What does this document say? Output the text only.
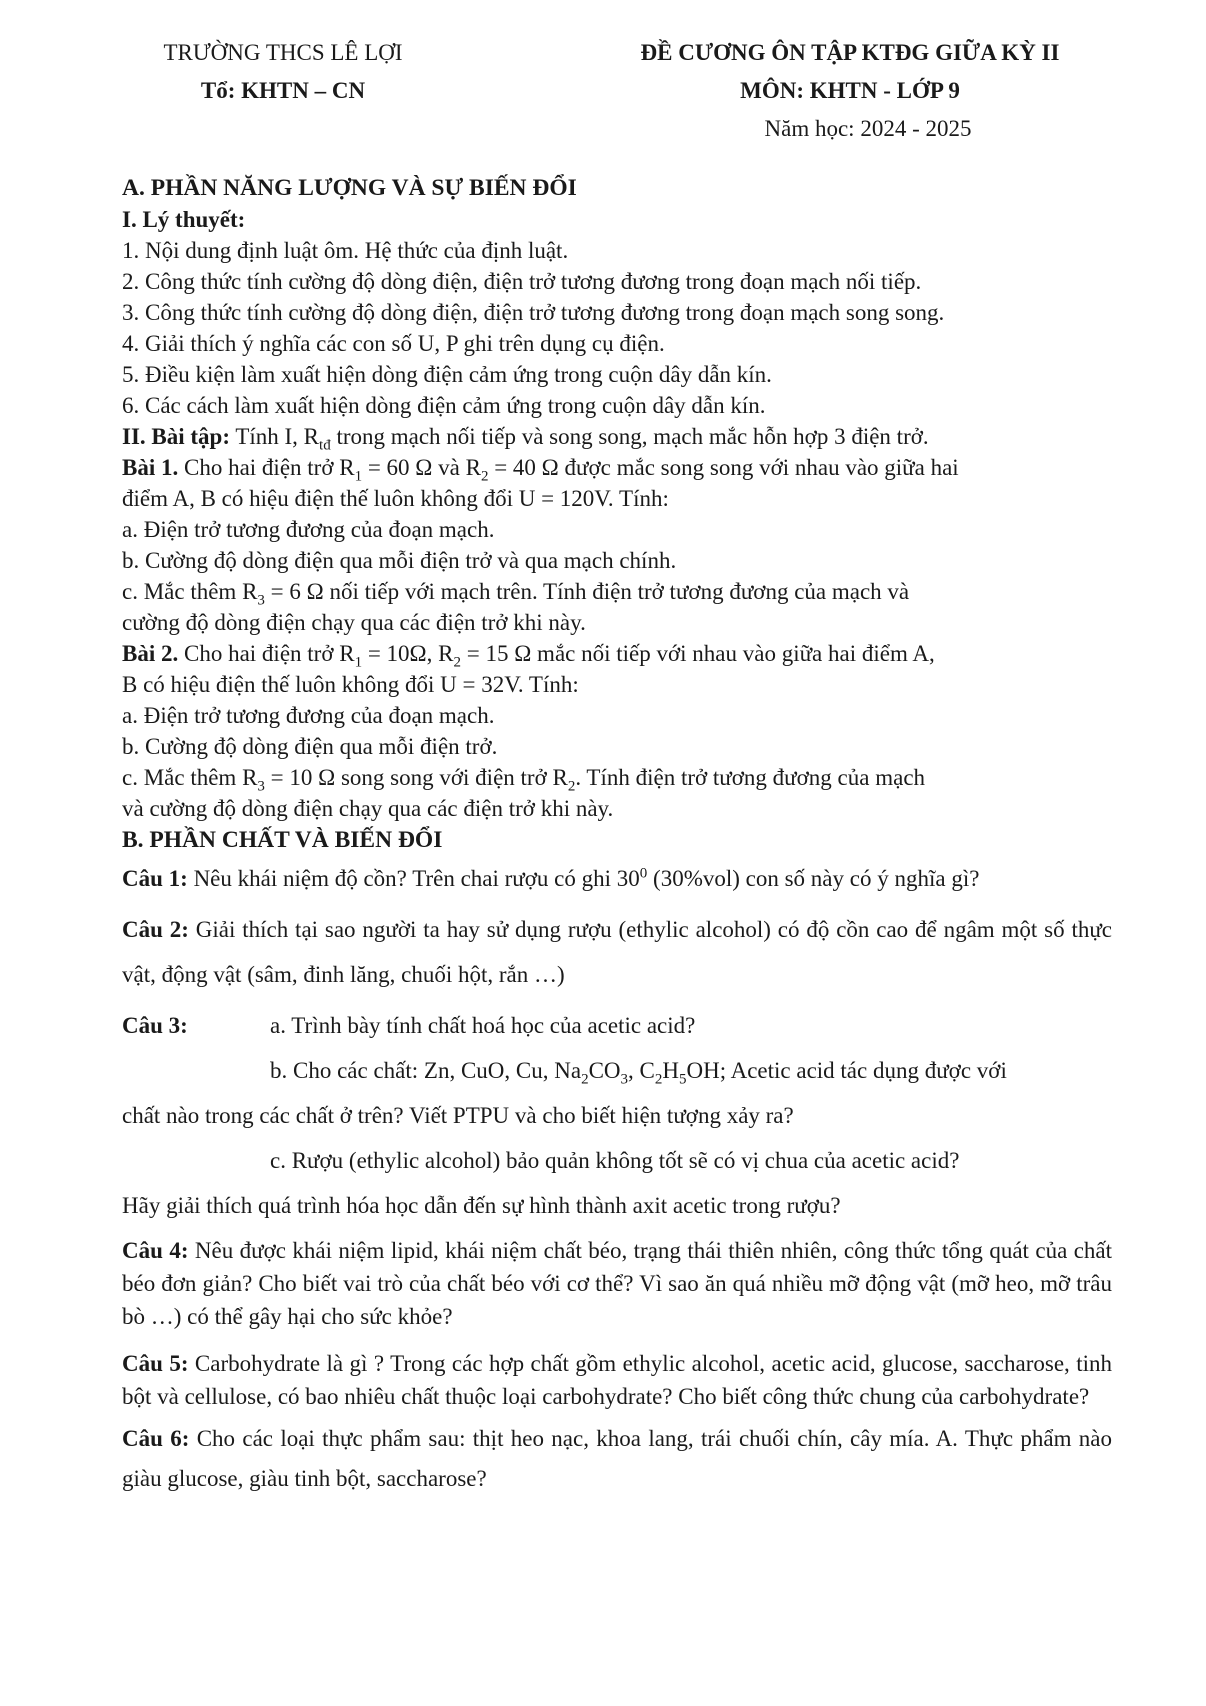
TRƯỜNG THCS LÊ LỢI
Tổ: KHTN – CN
ĐỀ CƯƠNG ÔN TẬP KTĐG GIỮA KỲ II
MÔN: KHTN - LỚP 9
Năm học: 2024 - 2025
A. PHẦN NĂNG LƯỢNG VÀ SỰ BIẾN ĐỔI
I. Lý thuyết:
1. Nội dung định luật ôm. Hệ thức của định luật.
2. Công thức tính cường độ dòng điện, điện trở tương đương trong đoạn mạch nối tiếp.
3. Công thức tính cường độ dòng điện, điện trở tương đương trong đoạn mạch song song.
4. Giải thích ý nghĩa các con số U, P ghi trên dụng cụ điện.
5. Điều kiện làm xuất hiện dòng điện cảm ứng trong cuộn dây dẫn kín.
6. Các cách làm xuất hiện dòng điện cảm ứng trong cuộn dây dẫn kín.
II. Bài tập: Tính I, $R_{tđ}$ trong mạch nối tiếp và song song, mạch mắc hỗn hợp 3 điện trở.
Bài 1. Cho hai điện trở $R_1 = 60$ Ω và $R_2 = 40$ Ω được mắc song song với nhau vào giữa hai
điểm A, B có hiệu điện thế luôn không đổi U = 120V. Tính:
a. Điện trở tương đương của đoạn mạch.
b. Cường độ dòng điện qua mỗi điện trở và qua mạch chính.
c. Mắc thêm $R_3 = 6$ Ω nối tiếp với mạch trên. Tính điện trở tương đương của mạch và
cường độ dòng điện chạy qua các điện trở khi này.
Bài 2. Cho hai điện trở $R_1 = 10\Omega$, $R_2 = 15$ Ω mắc nối tiếp với nhau vào giữa hai điểm A,
B có hiệu điện thế luôn không đổi U = 32V. Tính:
a. Điện trở tương đương của đoạn mạch.
b. Cường độ dòng điện qua mỗi điện trở.
c. Mắc thêm $R_3 = 10$ Ω song song với điện trở $R_2$. Tính điện trở tương đương của mạch
và cường độ dòng điện chạy qua các điện trở khi này.
B. PHẦN CHẤT VÀ BIẾN ĐỔI
Câu 1: Nêu khái niệm độ cồn? Trên chai rượu có ghi $30^0$ (30%vol) con số này có ý nghĩa gì?
Câu 2: Giải thích tại sao người ta hay sử dụng rượu (ethylic alcohol) có độ cồn cao để ngâm một số thực vật, động vật (sâm, đinh lăng, chuối hột, rắn …)
Câu 3:	a. Trình bày tính chất hoá học của acetic acid?
b. Cho các chất: Zn, CuO, Cu, $Na_2CO_3$, $C_2H_5OH$; Acetic acid tác dụng được với
chất nào trong các chất ở trên? Viết PTPU và cho biết hiện tượng xảy ra?
c. Rượu (ethylic alcohol) bảo quản không tốt sẽ có vị chua của acetic acid?
Hãy giải thích quá trình hóa học dẫn đến sự hình thành axit acetic trong rượu?
Câu 4: Nêu được khái niệm lipid, khái niệm chất béo, trạng thái thiên nhiên, công thức tổng quát của chất béo đơn giản? Cho biết vai trò của chất béo với cơ thể? Vì sao ăn quá nhiều mỡ động vật (mỡ heo, mỡ trâu bò …) có thể gây hại cho sức khỏe?
Câu 5: Carbohydrate là gì ? Trong các hợp chất gồm ethylic alcohol, acetic acid, glucose, saccharose, tinh bột và cellulose, có bao nhiêu chất thuộc loại carbohydrate? Cho biết công thức chung của carbohydrate?
Câu 6: Cho các loại thực phẩm sau: thịt heo nạc, khoa lang, trái chuối chín, cây mía. A. Thực phẩm nào giàu glucose, giàu tinh bột, saccharose?
